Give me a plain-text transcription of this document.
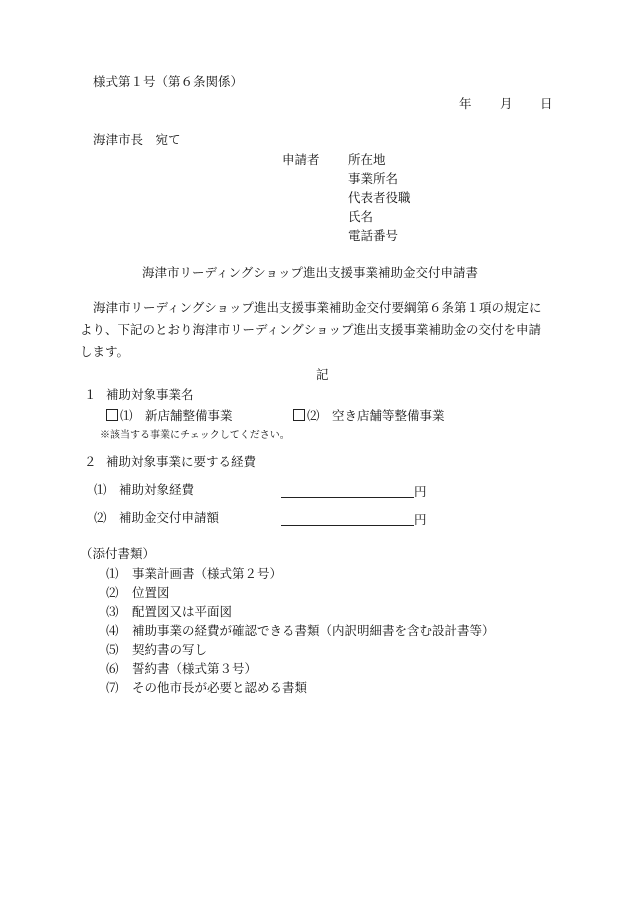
様式第１号（第６条関係）
年 月 日
海津市長　宛て
申請者 所在地
事業所名
代表者役職
氏名
電話番号
海津市リーディングショップ進出支援事業補助金交付申請書
海津市リーディングショップ進出支援事業補助金交付要綱第６条第１項の規定により、下記のとおり海津市リーディングショップ進出支援事業補助金の交付を申請します。
記
１ 補助対象事業名
⑴　新店舗整備事業	⑵　空き店舗等整備事業
※該当する事業にチェックしてください。
２ 補助対象事業に要する経費
⑴ 補助対象経費	円
⑵ 補助金交付申請額	円
（添付書類）
⑴ 事業計画書（様式第２号）
⑵ 位置図
⑶ 配置図又は平面図
⑷ 補助事業の経費が確認できる書類（内訳明細書を含む設計書等）
⑸ 契約書の写し
⑹ 誓約書（様式第３号）
⑺ その他市長が必要と認める書類
